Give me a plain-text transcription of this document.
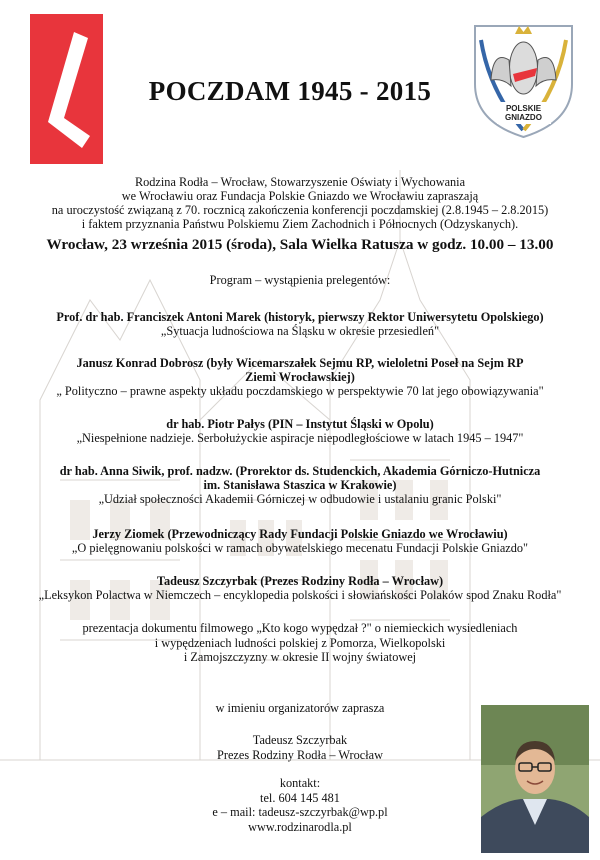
POLSKIE
GNIAZDO
POCZDAM 1945 - 2015
Rodzina Rodła – Wrocław, Stowarzyszenie Oświaty i Wychowania
we Wrocławiu oraz Fundacja Polskie Gniazdo we Wrocławiu zapraszają
na uroczystość związaną z 70. rocznicą zakończenia konferencji poczdamskiej (2.8.1945 – 2.8.2015)
i faktem przyznania Państwu Polskiemu Ziem Zachodnich i Północnych (Odzyskanych).
Wrocław, 23 września 2015 (środa), Sala Wielka Ratusza w godz. 10.00 – 13.00
Program – wystąpienia prelegentów:
Prof. dr hab. Franciszek Antoni Marek (historyk, pierwszy Rektor Uniwersytetu Opolskiego)
„Sytuacja ludnościowa na Śląsku w okresie przesiedleń"
Janusz Konrad Dobrosz (były Wicemarszałek Sejmu RP, wieloletni Poseł na Sejm RP
Ziemi Wrocławskiej)
„ Polityczno – prawne aspekty układu poczdamskiego w perspektywie 70 lat jego obowiązywania"
dr hab. Piotr Pałys (PIN – Instytut Śląski w Opolu)
„Niespełnione nadzieje. Serbołużyckie aspiracje niepodległościowe w latach 1945 – 1947"
dr hab. Anna Siwik, prof. nadzw. (Prorektor ds. Studenckich, Akademia Górniczo-Hutnicza
im. Stanisława Staszica w Krakowie)
„Udział społeczności Akademii Górniczej w odbudowie i ustalaniu granic Polski"
Jerzy Ziomek (Przewodniczący Rady Fundacji Polskie Gniazdo we Wrocławiu)
„O pielęgnowaniu polskości w ramach obywatelskiego mecenatu Fundacji Polskie Gniazdo"
Tadeusz Szczyrbak (Prezes Rodziny Rodła – Wrocław)
„Leksykon Polactwa w Niemczech – encyklopedia polskości i słowiańskości Polaków spod Znaku Rodła"
prezentacja dokumentu filmowego „Kto kogo wypędzał ?" o niemieckich wysiedleniach
i wypędzeniach ludności polskiej z Pomorza, Wielkopolski
i Zamojszczyzny w okresie II wojny światowej
w imieniu organizatorów zaprasza
Tadeusz Szczyrbak
Prezes Rodziny Rodła – Wrocław
kontakt:
tel. 604 145 481
e – mail: tadeusz-szczyrbak@wp.pl
www.rodzinarodla.pl
